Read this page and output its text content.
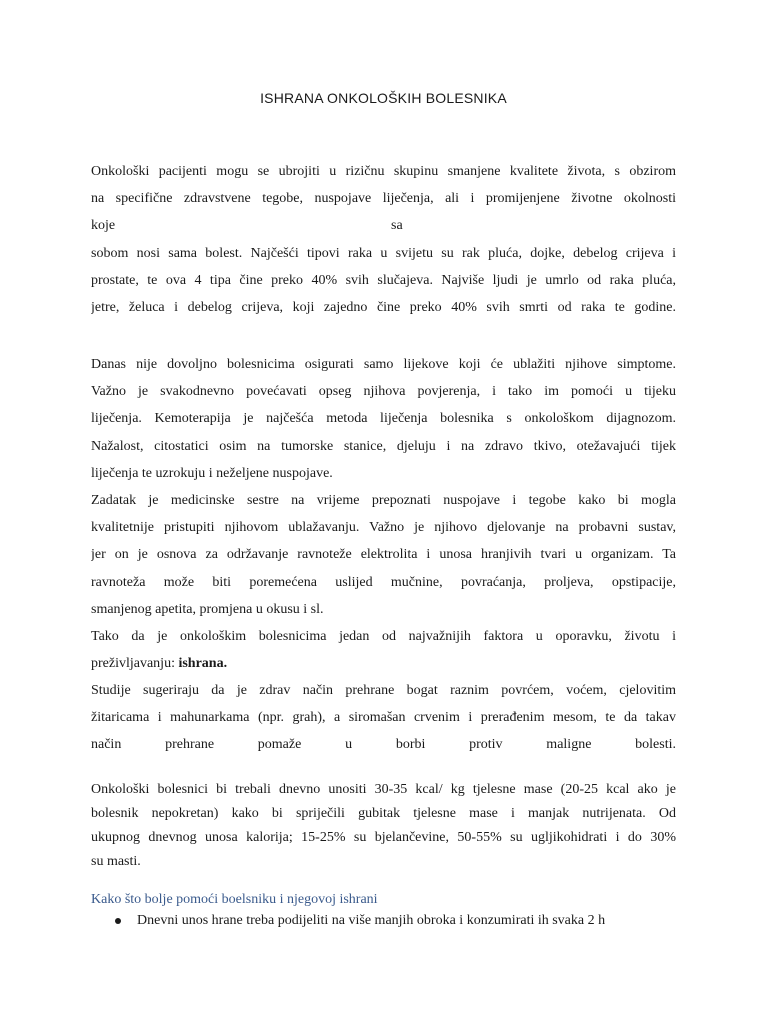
ISHRANA ONKOLOŠKIH BOLESNIKA
Onkološki pacijenti mogu se ubrojiti u rizičnu skupinu smanjene kvalitete života, s obzirom
na specifične zdravstvene tegobe, nuspojave liječenja, ali i promijenjene životne okolnosti
koje	sa
sobom nosi sama bolest. Najčešći tipovi raka u svijetu su rak pluća, dojke, debelog crijeva i
prostate, te ova 4 tipa čine preko 40% svih slučajeva. Najviše ljudi je umrlo od raka pluća,
jetre, želuca i debelog crijeva, koji zajedno čine preko 40% svih smrti od raka te godine.
Danas nije dovoljno bolesnicima osigurati samo lijekove koji će ublažiti njihove simptome.
Važno je svakodnevno povećavati opseg njihova povjerenja, i tako im pomoći u tijeku
liječenja. Kemoterapija je najčešća metoda liječenja bolesnika s onkološkom dijagnozom.
Nažalost, citostatici osim na tumorske stanice, djeluju i na zdravo tkivo, otežavajući tijek
liječenja te uzrokuju i neželjene nuspojave.
Zadatak je medicinske sestre na vrijeme prepoznati nuspojave i tegobe kako bi mogla
kvalitetnije pristupiti njihovom ublažavanju. Važno je njihovo djelovanje na probavni sustav,
jer on je osnova za održavanje ravnoteže elektrolita i unosa hranjivih tvari u organizam. Ta
ravnoteža može biti poremećena uslijed mučnine, povraćanja, proljeva, opstipacije,
smanjenog apetita, promjena u okusu i sl.
Tako da je onkološkim bolesnicima jedan od najvažnijih faktora u oporavku, životu i
preživljavanju: ishrana.
Studije sugeriraju da je zdrav način prehrane bogat raznim povrćem, voćem, cjelovitim
žitaricama i mahunarkama (npr. grah), a siromašan crvenim i prerađenim mesom, te da takav
način prehrane pomaže u borbi protiv maligne bolesti.
Onkološki bolesnici bi trebali dnevno unositi 30-35 kcal/ kg tjelesne mase (20-25 kcal ako je
bolesnik nepokretan) kako bi spriječili gubitak tjelesne mase i manjak nutrijenata. Od
ukupnog dnevnog unosa kalorija; 15-25% su bjelančevine, 50-55% su ugljikohidrati i do 30%
su masti.
Kako što bolje pomoći boelsniku i njegovoj ishrani
Dnevni unos hrane treba podijeliti na više manjih obroka i konzumirati ih svaka 2 h
